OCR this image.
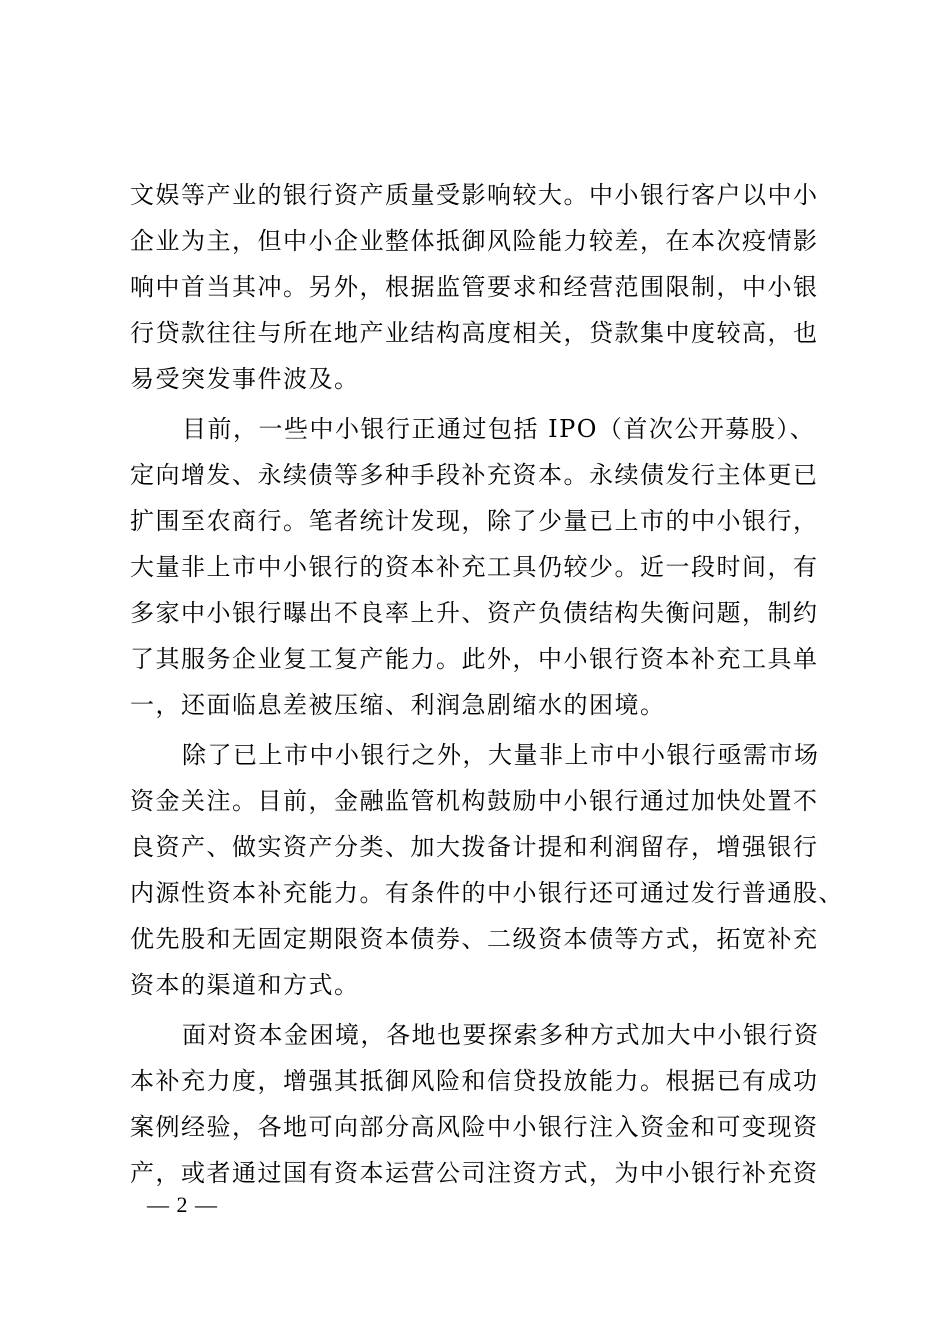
文娱等产业的银行资产质量受影响较大。中小银行客户以中小
企业为主，但中小企业整体抵御风险能力较差，在本次疫情影
响中首当其冲。另外，根据监管要求和经营范围限制，中小银
行贷款往往与所在地产业结构高度相关，贷款集中度较高，也
易受突发事件波及。
目前，一些中小银行正通过包括 IPO（首次公开募股）、
定向增发、永续债等多种手段补充资本。永续债发行主体更已
扩围至农商行。笔者统计发现，除了少量已上市的中小银行，
大量非上市中小银行的资本补充工具仍较少。近一段时间，有
多家中小银行曝出不良率上升、资产负债结构失衡问题，制约
了其服务企业复工复产能力。此外，中小银行资本补充工具单
一，还面临息差被压缩、利润急剧缩水的困境。
除了已上市中小银行之外，大量非上市中小银行亟需市场
资金关注。目前，金融监管机构鼓励中小银行通过加快处置不
良资产、做实资产分类、加大拨备计提和利润留存，增强银行
内源性资本补充能力。有条件的中小银行还可通过发行普通股、
优先股和无固定期限资本债券、二级资本债等方式，拓宽补充
资本的渠道和方式。
面对资本金困境，各地也要探索多种方式加大中小银行资
本补充力度，增强其抵御风险和信贷投放能力。根据已有成功
案例经验，各地可向部分高风险中小银行注入资金和可变现资
产，或者通过国有资本运营公司注资方式，为中小银行补充资
— 2 —
